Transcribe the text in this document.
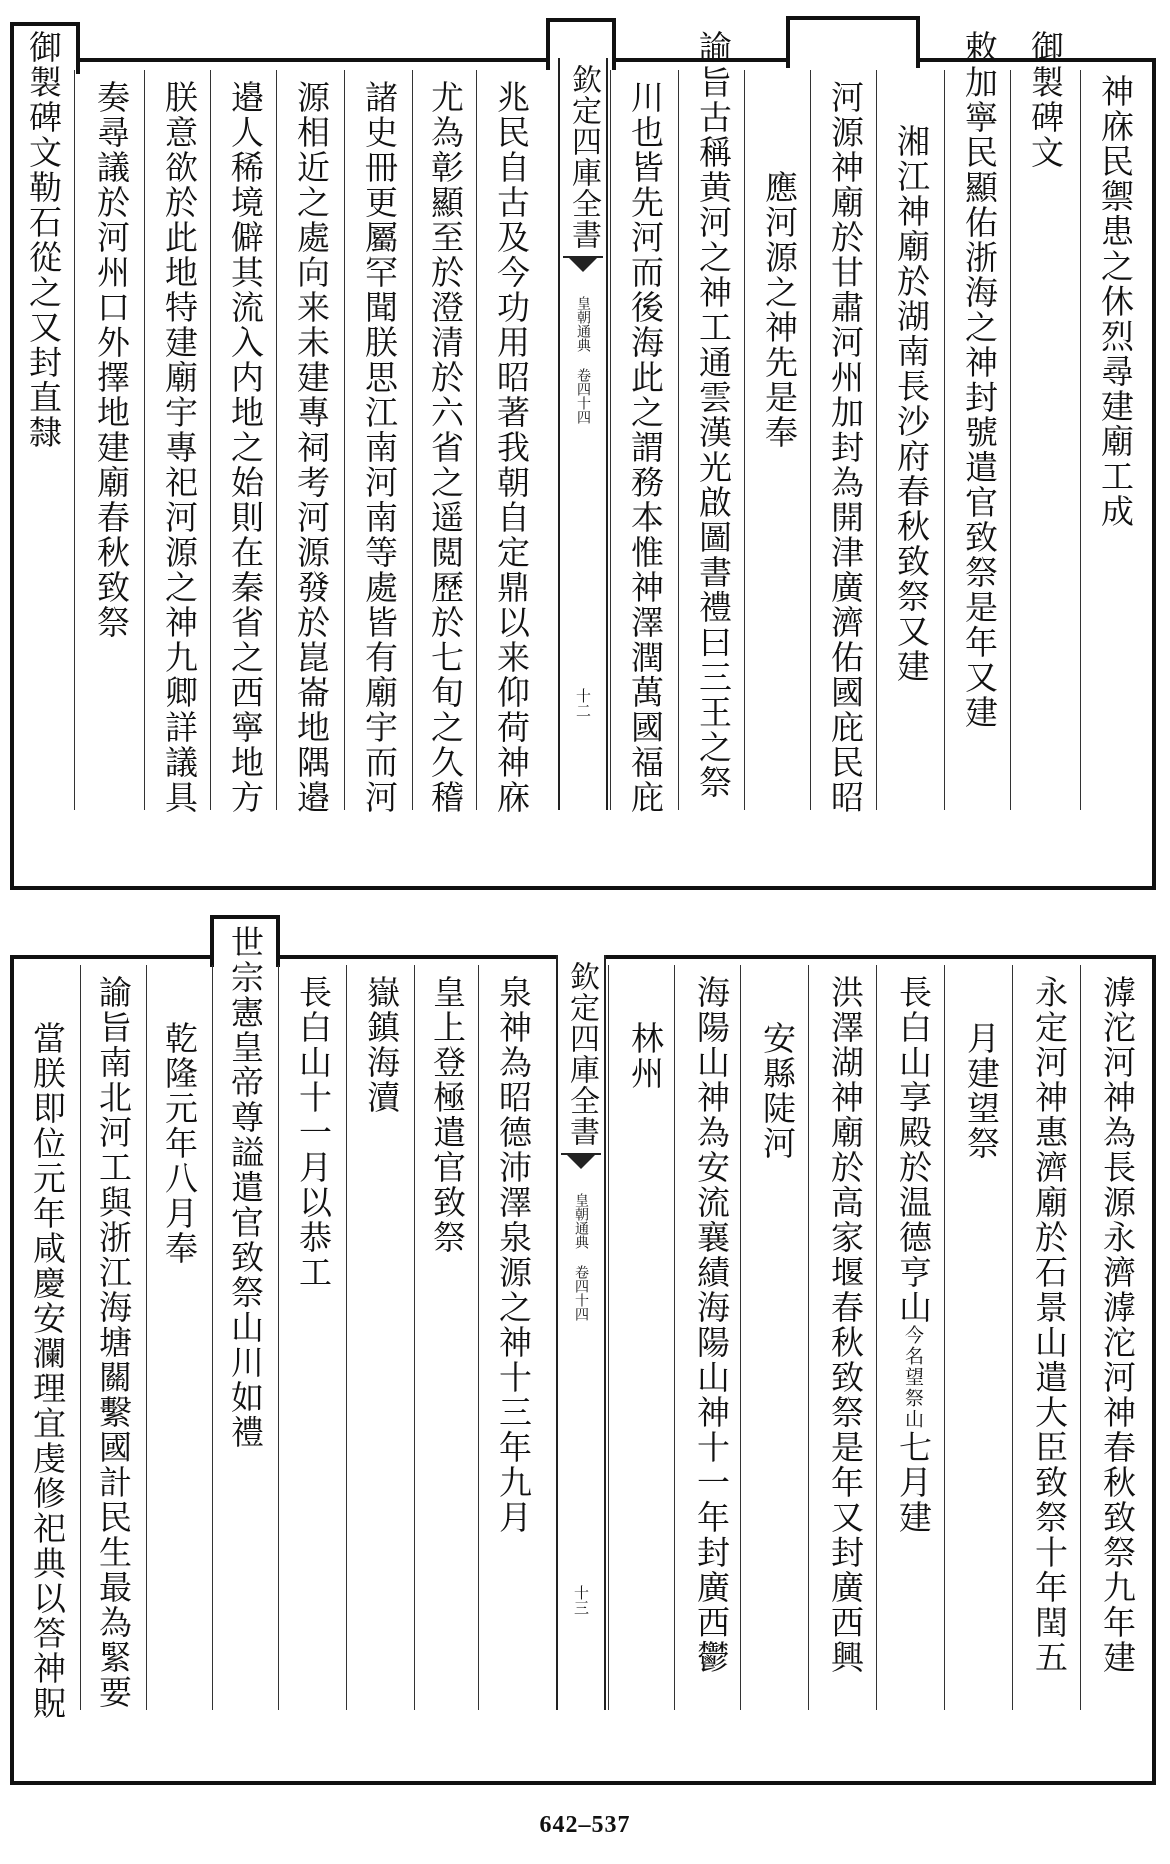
神庥民禦患之休烈尋建廟工成
御製碑文
敕加寧民顯佑浙海之神封號遣官致祭是年又建
湘江神廟於湖南長沙府春秋致祭又建
河源神廟於甘肅河州加封為開津廣濟佑國庇民昭
應河源之神先是奉
諭旨古稱黄河之神工通雲漢光啟圖書禮曰三王之祭
川也皆先河而後海此之謂務本惟神澤潤萬國福庇
欽定四庫全書
皇朝通典 卷四十四
十二
兆民自古及今功用昭著我朝自定鼎以来仰荷神庥
尤為彰顯至於澄清於六省之遥閲歷於七旬之久稽
諸史冊更屬罕聞朕思江南河南等處皆有廟宇而河
源相近之處向来未建專祠考河源發於崑崙地隅邉
邉人稀境僻其流入内地之始則在秦省之西寧地方
朕意欲於此地特建廟宇專祀河源之神九卿詳議具
奏尋議於河州口外擇地建廟春秋致祭
御製碑文勒石從之又封直隸
滹沱河神為長源永濟滹沱河神春秋致祭九年建
永定河神惠濟廟於石景山遣大臣致祭十年閏五
月建望祭
長白山享殿於温德亨山今名望祭山七月建
洪澤湖神廟於高家堰春秋致祭是年又封廣西興
安縣陡河
海陽山神為安流襄績海陽山神十一年封廣西鬱
林州
欽定四庫全書
皇朝通典 卷四十四
十三
泉神為昭德沛澤泉源之神十三年九月
皇上登極遣官致祭
嶽鎮海瀆
長白山十一月以恭工
世宗憲皇帝尊謚遣官致祭山川如禮
乾隆元年八月奉
諭旨南北河工與浙江海塘關繫國計民生最為緊要
當朕即位元年咸慶安瀾理宜虔修祀典以答神貺
642–537
